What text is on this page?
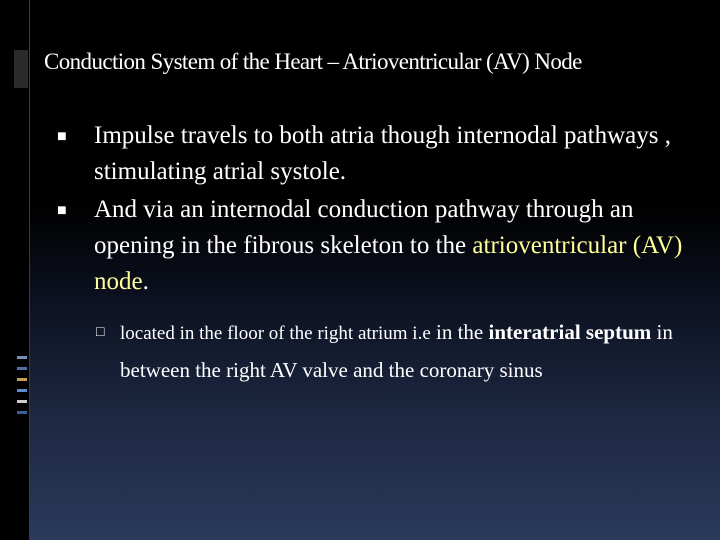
Conduction System of the Heart – Atrioventricular (AV) Node
■ Impulse travels to both atria though internodal pathways , stimulating atrial systole.
■ And via an internodal conduction pathway through an opening in the fibrous skeleton to the atrioventricular (AV) node.
□ located in the floor of the right atrium i.e in the interatrial septum in between the right AV valve and the coronary sinus
